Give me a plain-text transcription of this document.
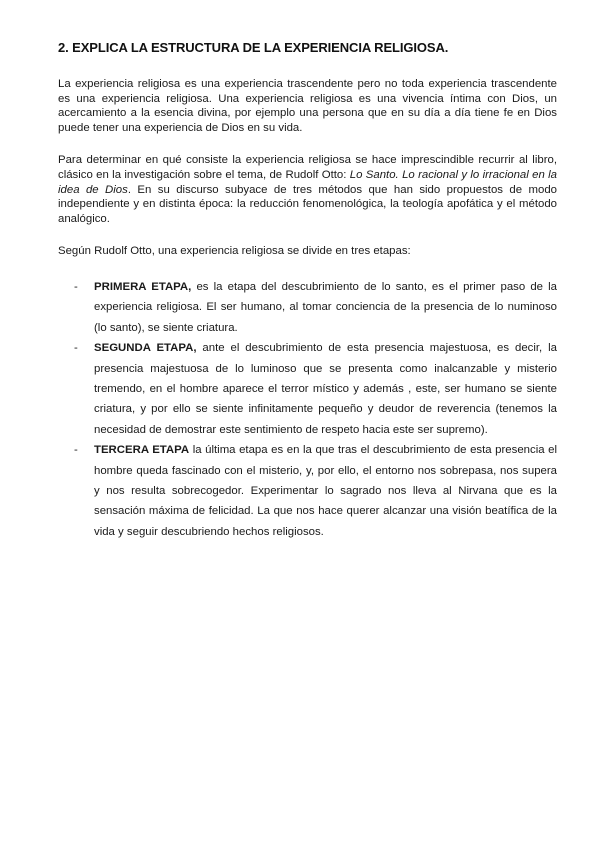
2. EXPLICA LA ESTRUCTURA DE LA EXPERIENCIA RELIGIOSA.

La experiencia religiosa es una experiencia trascendente pero no toda experiencia trascendente es una experiencia religiosa. Una experiencia religiosa es una vivencia íntima con Dios, un acercamiento a la esencia divina, por ejemplo una persona que en su día a día tiene fe en Dios puede tener una experiencia de Dios en su vida.

Para determinar en qué consiste la experiencia religiosa se hace imprescindible recurrir al libro, clásico en la investigación sobre el tema, de Rudolf Otto: Lo Santo. Lo racional y lo irracional en la idea de Dios. En su discurso subyace de tres métodos que han sido propuestos de modo independiente y en distinta época: la reducción fenomenológica, la teología apofática y el método analógico.

Según Rudolf Otto, una experiencia religiosa se divide en tres etapas:

- PRIMERA ETAPA, es la etapa del descubrimiento de lo santo, es el primer paso de la experiencia religiosa. El ser humano, al tomar conciencia de la presencia de lo numinoso (lo santo), se siente criatura.
- SEGUNDA ETAPA, ante el descubrimiento de esta presencia majestuosa, es decir, la presencia majestuosa de lo luminoso que se presenta como inalcanzable y misterio tremendo, en el hombre aparece el terror místico y además , este, ser humano se siente criatura, y por ello se siente infinitamente pequeño y deudor de reverencia (tenemos la necesidad de demostrar este sentimiento de respeto hacia este ser supremo).
- TERCERA ETAPA la última etapa es en la que tras el descubrimiento de esta presencia el hombre queda fascinado con el misterio, y, por ello, el entorno nos sobrepasa, nos supera y nos resulta sobrecogedor. Experimentar lo sagrado nos lleva al Nirvana que es la sensación máxima de felicidad. La que nos hace querer alcanzar una visión beatífica de la vida y seguir descubriendo hechos religiosos.
